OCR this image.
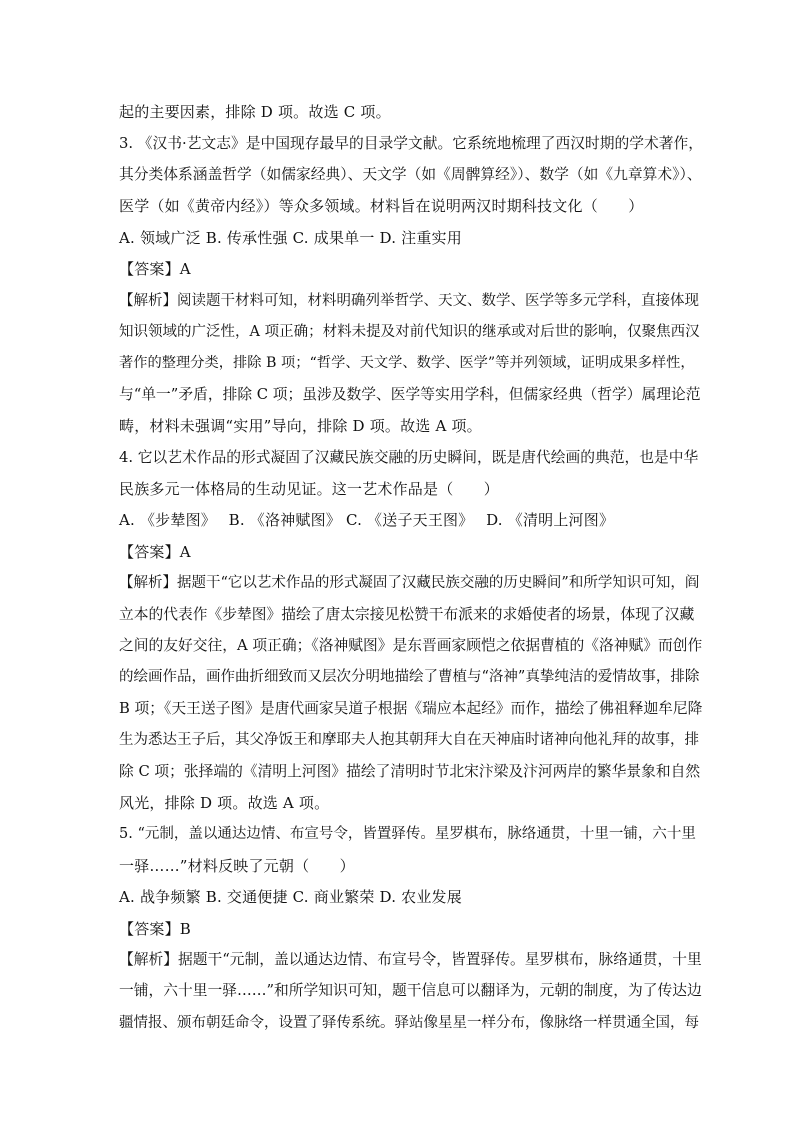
起的主要因素，排除 D 项。故选 C 项。
3. 《汉书·艺文志》是中国现存最早的目录学文献。它系统地梳理了西汉时期的学术著作，
其分类体系涵盖哲学（如儒家经典）、天文学（如《周髀算经》）、数学（如《九章算术》）、
医学（如《黄帝内经》）等众多领域。材料旨在说明两汉时期科技文化（　　）
A. 领域广泛 B. 传承性强 C. 成果单一 D. 注重实用
【答案】A
【解析】阅读题干材料可知，材料明确列举哲学、天文、数学、医学等多元学科，直接体现
知识领域的广泛性，A 项正确；材料未提及对前代知识的继承或对后世的影响，仅聚焦西汉
著作的整理分类，排除 B 项；“哲学、天文学、数学、医学”等并列领域，证明成果多样性，
与“单一”矛盾，排除 C 项；虽涉及数学、医学等实用学科，但儒家经典（哲学）属理论范
畴，材料未强调“实用”导向，排除 D 项。故选 A 项。
4. 它以艺术作品的形式凝固了汉藏民族交融的历史瞬间，既是唐代绘画的典范，也是中华
民族多元一体格局的生动见证。这一艺术作品是（　　）
A. 《步辇图》　 B. 《洛神赋图》 C. 《送子天王图》　 D. 《清明上河图》
【答案】A
【解析】据题干“它以艺术作品的形式凝固了汉藏民族交融的历史瞬间”和所学知识可知，阎
立本的代表作《步辇图》描绘了唐太宗接见松赞干布派来的求婚使者的场景，体现了汉藏
之间的友好交往，A 项正确；《洛神赋图》是东晋画家顾恺之依据曹植的《洛神赋》而创作
的绘画作品，画作曲折细致而又层次分明地描绘了曹植与“洛神”真挚纯洁的爱情故事，排除
B 项；《天王送子图》是唐代画家吴道子根据《瑞应本起经》而作，描绘了佛祖释迦牟尼降
生为悉达王子后，其父净饭王和摩耶夫人抱其朝拜大自在天神庙时诸神向他礼拜的故事，排
除 C 项；张择端的《清明上河图》描绘了清明时节北宋汴梁及汴河两岸的繁华景象和自然
风光，排除 D 项。故选 A 项。
5. “元制，盖以通达边情、布宣号令，皆置驿传。星罗棋布，脉络通贯，十里一铺，六十里
一驿……”材料反映了元朝（　　）
A. 战争频繁 B. 交通便捷 C. 商业繁荣 D. 农业发展
【答案】B
【解析】据题干“元制，盖以通达边情、布宣号令，皆置驿传。星罗棋布，脉络通贯，十里
一铺，六十里一驿……”和所学知识可知，题干信息可以翻译为，元朝的制度，为了传达边
疆情报、颁布朝廷命令，设置了驿传系统。驿站像星星一样分布，像脉络一样贯通全国，每
